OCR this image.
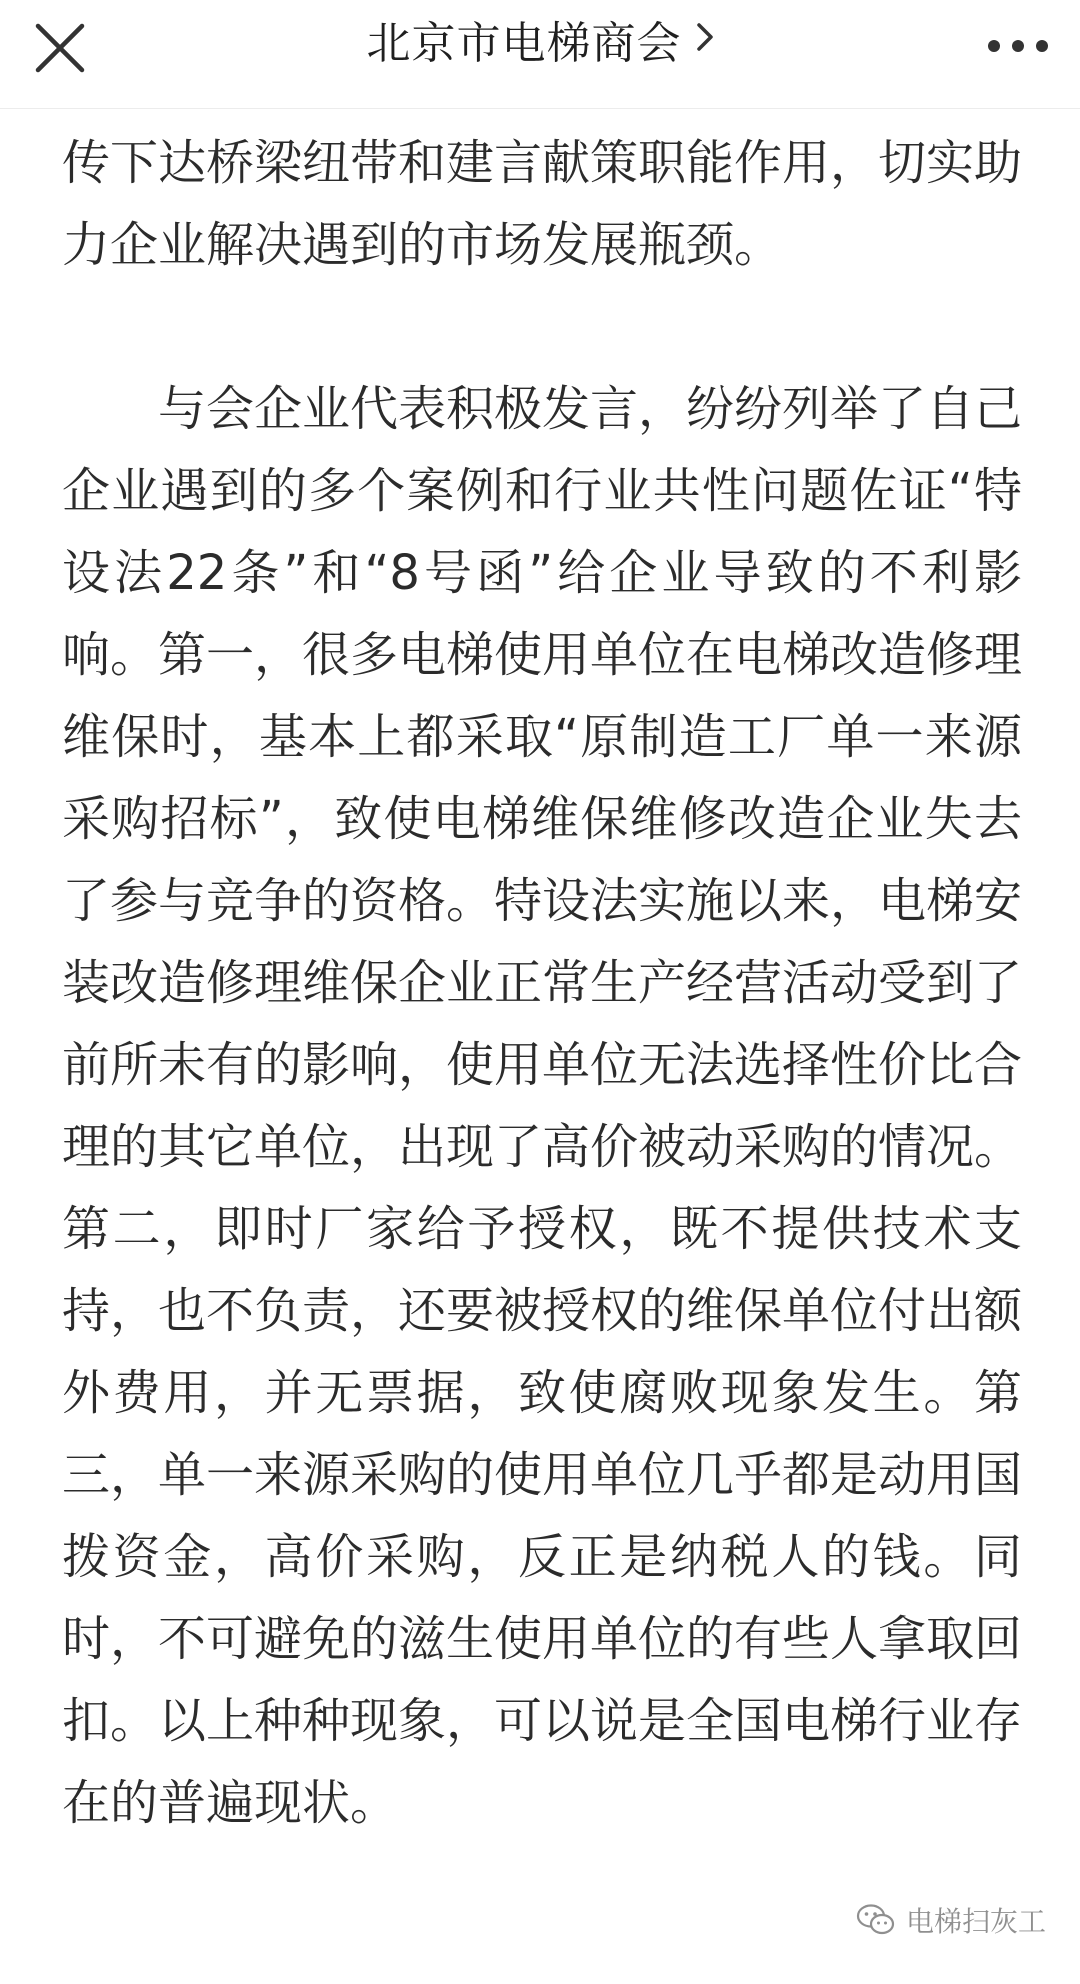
北京市电梯商会

传下达桥梁纽带和建言献策职能作用，切实助力企业解决遇到的市场发展瓶颈。

与会企业代表积极发言，纷纷列举了自己企业遇到的多个案例和行业共性问题佐证“特设法22条”和“8号函”给企业导致的不利影响。第一，很多电梯使用单位在电梯改造修理维保时，基本上都采取“原制造工厂单一来源采购招标”，致使电梯维保维修改造企业失去了参与竞争的资格。特设法实施以来，电梯安装改造修理维保企业正常生产经营活动受到了前所未有的影响，使用单位无法选择性价比合理的其它单位，出现了高价被动采购的情况。第二，即时厂家给予授权，既不提供技术支持，也不负责，还要被授权的维保单位付出额外费用，并无票据，致使腐败现象发生。第三，单一来源采购的使用单位几乎都是动用国拨资金，高价采购，反正是纳税人的钱。同时，不可避免的滋生使用单位的有些人拿取回扣。以上种种现象，可以说是全国电梯行业存在的普遍现状。

电梯扫灰工
